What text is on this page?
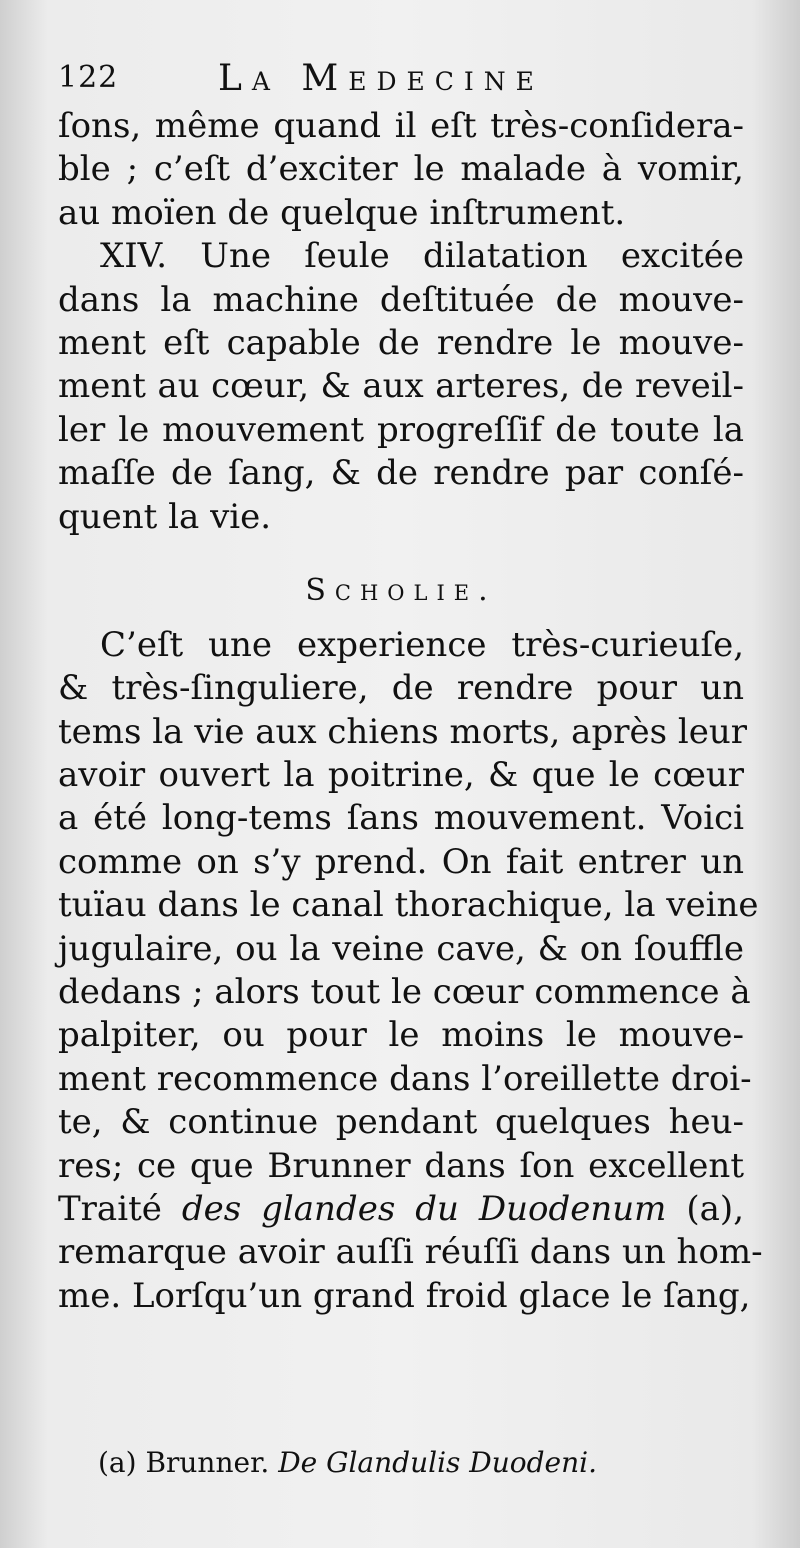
122	La Medecine
ſons, même quand il eſt très-conſidera-
ble ; c’eſt d’exciter le malade à vomir,
au moïen de quelque inſtrument.
XIV. Une ſeule dilatation excitée
dans la machine deſtituée de mouve-
ment eſt capable de rendre le mouve-
ment au cœur, & aux arteres, de reveil-
ler le mouvement progreſſif de toute la
maſſe de ſang, & de rendre par conſé-
quent la vie.
Scholie.
C’eſt une experience très-curieuſe,
& très-ſinguliere, de rendre pour un
tems la vie aux chiens morts, après leur
avoir ouvert la poitrine, & que le cœur
a été long-tems ſans mouvement. Voici
comme on s’y prend. On fait entrer un
tuïau dans le canal thorachique, la veine
jugulaire, ou la veine cave, & on ſouffle
dedans ; alors tout le cœur commence à
palpiter, ou pour le moins le mouve-
ment recommence dans l’oreillette droi-
te, & continue pendant quelques heu-
res; ce que Brunner dans ſon excellent
Traité des glandes du Duodenum (a),
remarque avoir auſſi réuſſi dans un hom-
me. Lorſqu’un grand froid glace le ſang,
(a) Brunner. De Glandulis Duodeni.
